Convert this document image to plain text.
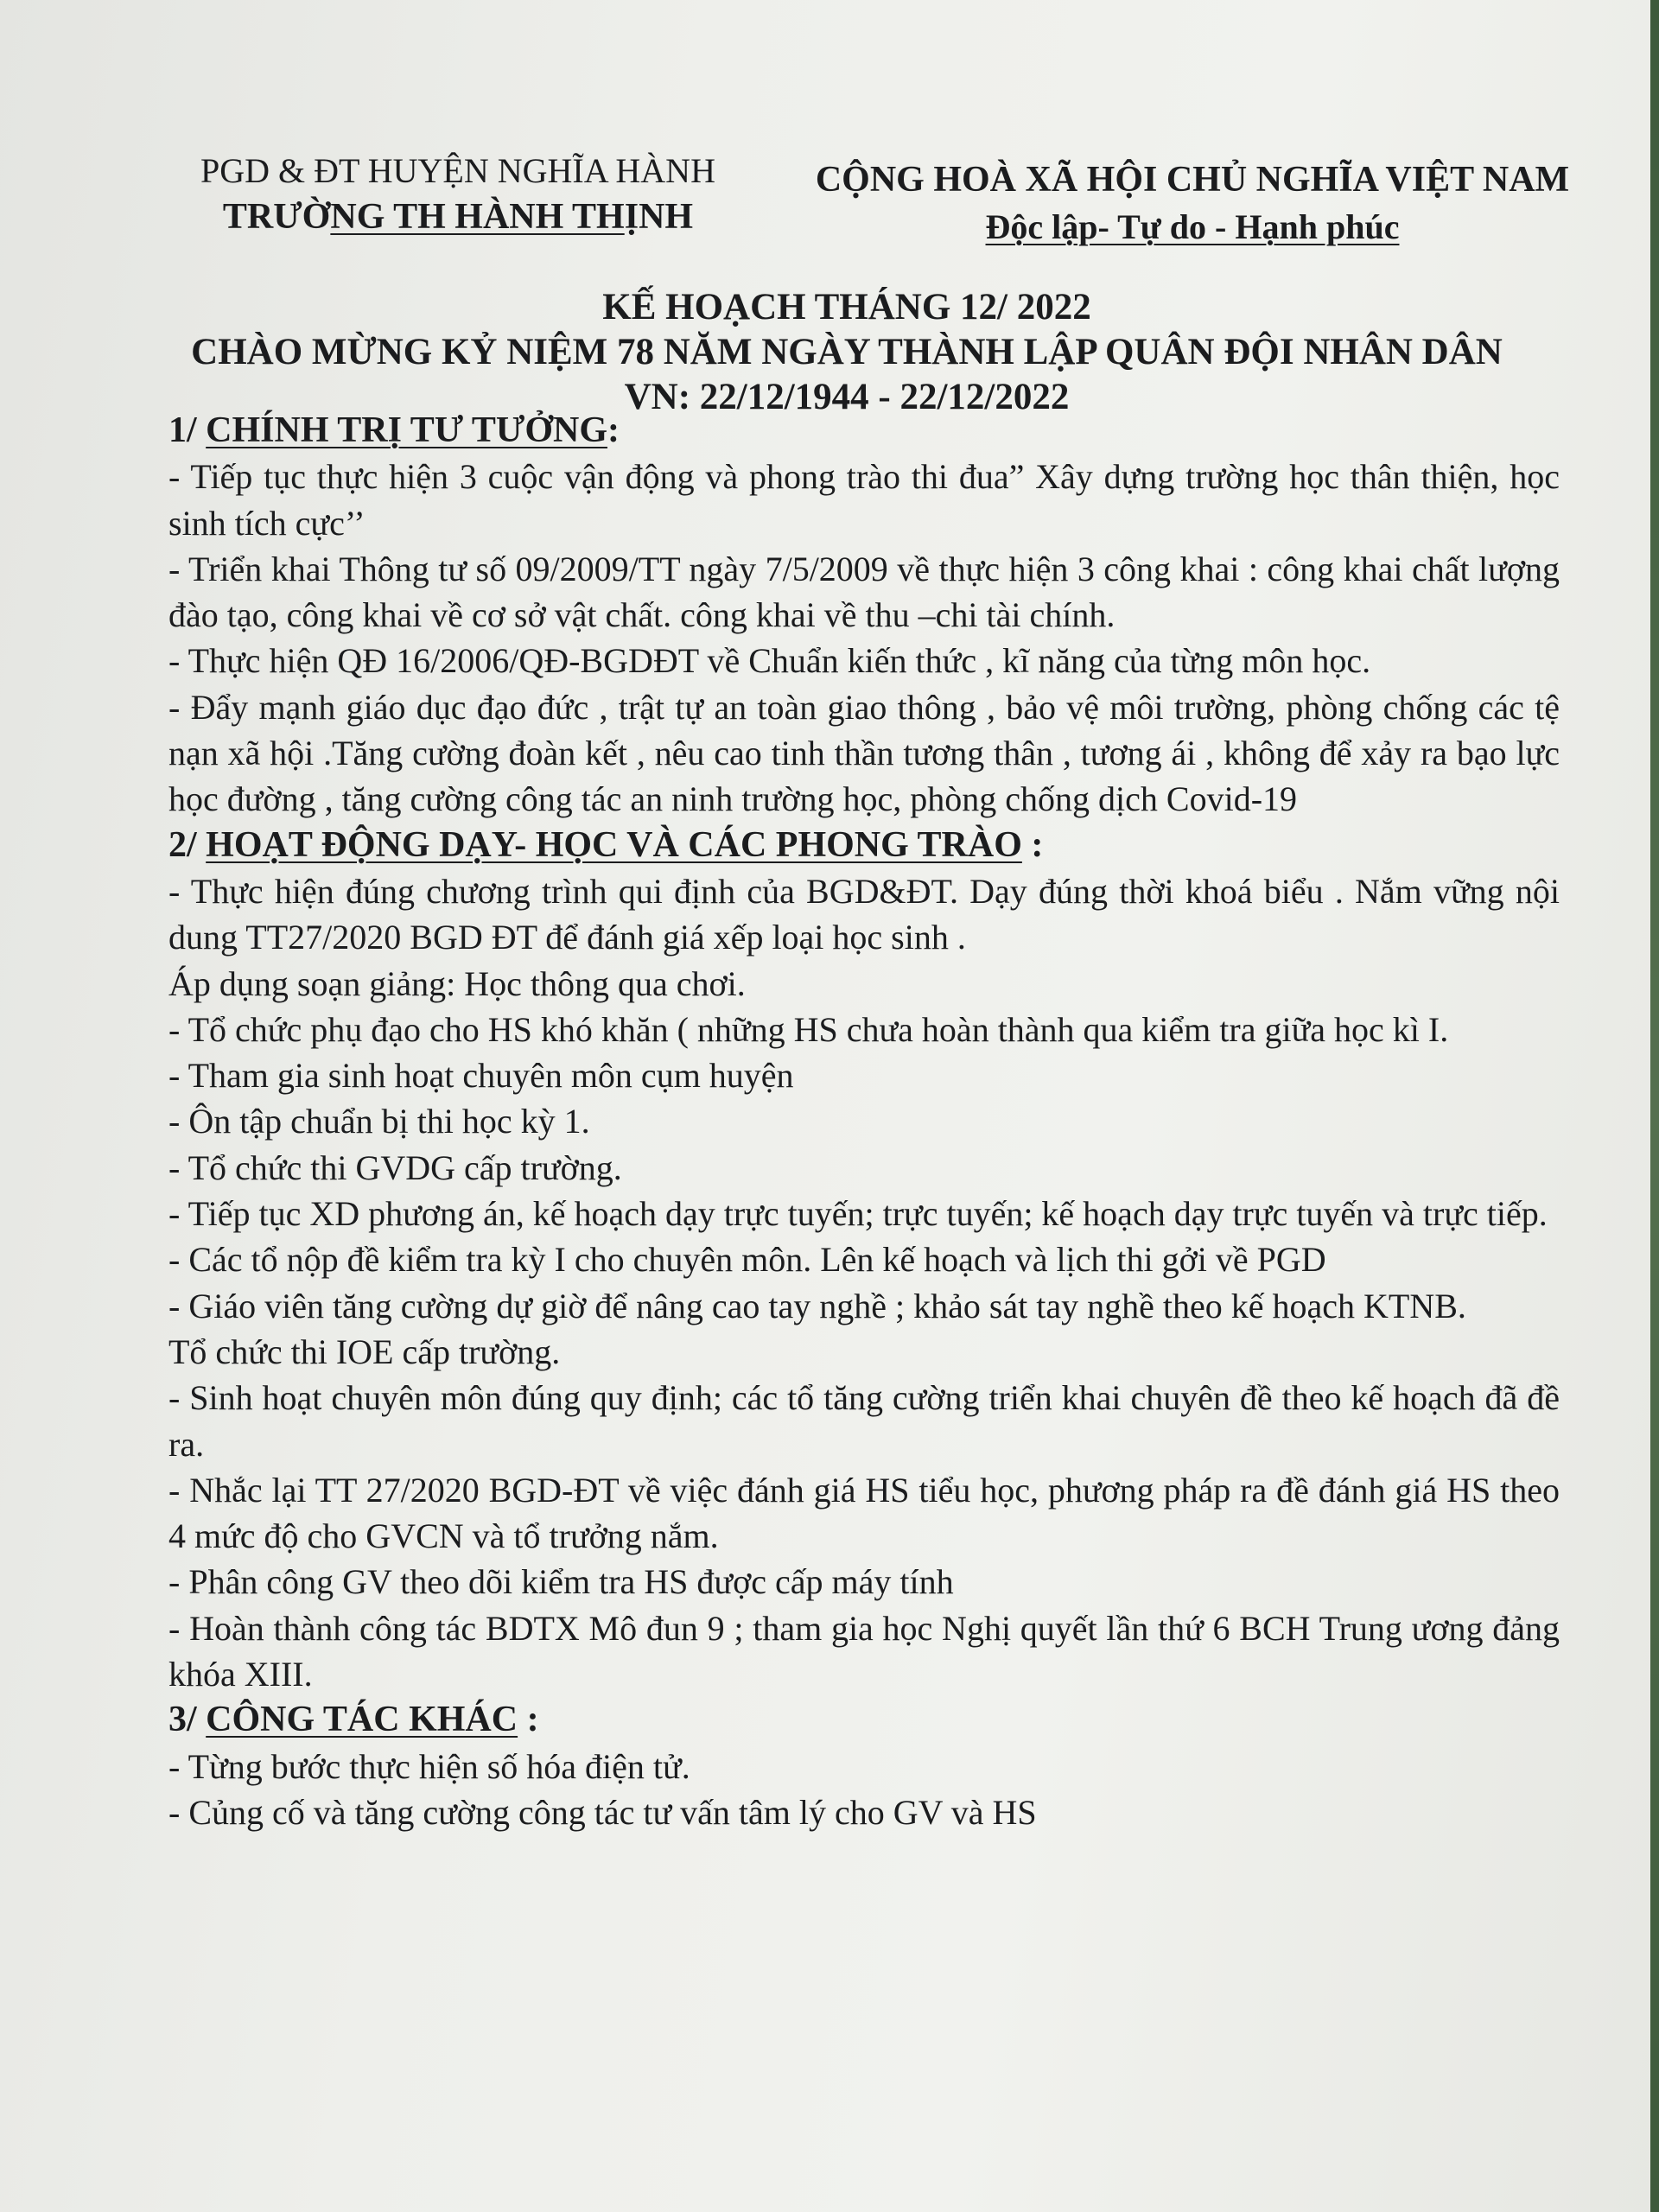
PGD & ĐT HUYỆN NGHĨA HÀNH
TRƯỜNG TH HÀNH THỊNH
CỘNG HOÀ XÃ HỘI CHỦ NGHĨA VIỆT NAM
Độc lập- Tự do - Hạnh phúc
KẾ HOẠCH THÁNG 12/ 2022
CHÀO MỪNG KỶ NIỆM 78 NĂM NGÀY THÀNH LẬP QUÂN ĐỘI NHÂN DÂN
VN: 22/12/1944 - 22/12/2022
1/ CHÍNH TRỊ TƯ TƯỞNG:

- Tiếp tục thực hiện 3 cuộc vận động và phong trào thi đua” Xây dựng trường học thân thiện, học sinh tích cực’’

- Triển khai Thông tư số 09/2009/TT ngày 7/5/2009 về thực hiện 3 công khai : công khai chất lượng đào tạo, công khai về cơ sở vật chất. công khai về thu –chi tài chính.

- Thực hiện QĐ 16/2006/QĐ-BGDĐT về Chuẩn kiến thức , kĩ năng của từng môn học.

- Đẩy mạnh giáo dục đạo đức , trật tự an toàn giao thông , bảo vệ môi trường, phòng chống các tệ nạn xã hội .Tăng cường đoàn kết , nêu cao tinh thần tương thân , tương ái , không để xảy ra bạo lực học đường , tăng cường công tác an ninh trường học, phòng chống dịch Covid-19

2/ HOẠT ĐỘNG DẠY- HỌC VÀ CÁC PHONG TRÀO :

- Thực hiện đúng chương trình qui định của BGD&ĐT. Dạy đúng thời khoá biểu . Nắm vững nội dung TT27/2020 BGD ĐT để đánh giá xếp loại học sinh .

Áp dụng soạn giảng: Học thông qua chơi.

- Tổ chức phụ đạo cho HS khó khăn ( những HS chưa hoàn thành qua kiểm tra giữa học kì I.

- Tham gia sinh hoạt chuyên môn cụm huyện

- Ôn tập chuẩn bị thi học kỳ 1.

- Tổ chức thi GVDG cấp trường.

- Tiếp tục XD phương án, kế hoạch dạy trực tuyến; trực tuyến; kế hoạch dạy trực tuyến và trực tiếp.

- Các tổ nộp đề kiểm tra kỳ I cho chuyên môn. Lên kế hoạch và lịch thi gởi về PGD

- Giáo viên tăng cường dự giờ để nâng cao tay nghề ; khảo sát tay nghề theo kế hoạch KTNB.

Tổ chức thi IOE cấp trường.

- Sinh hoạt chuyên môn đúng quy định; các tổ tăng cường triển khai chuyên đề theo kế hoạch đã đề ra.

- Nhắc lại TT 27/2020 BGD-ĐT về việc đánh giá HS tiểu học, phương pháp ra đề đánh giá HS theo 4 mức độ cho GVCN và tổ trưởng nắm.

- Phân công GV theo dõi kiểm tra HS được cấp máy tính

- Hoàn thành công tác BDTX Mô đun 9 ; tham gia học Nghị quyết lần thứ 6 BCH Trung ương đảng khóa XIII.

3/ CÔNG TÁC KHÁC :

- Từng bước thực hiện số hóa điện tử.

- Củng cố và tăng cường công tác tư vấn tâm lý cho GV và HS
